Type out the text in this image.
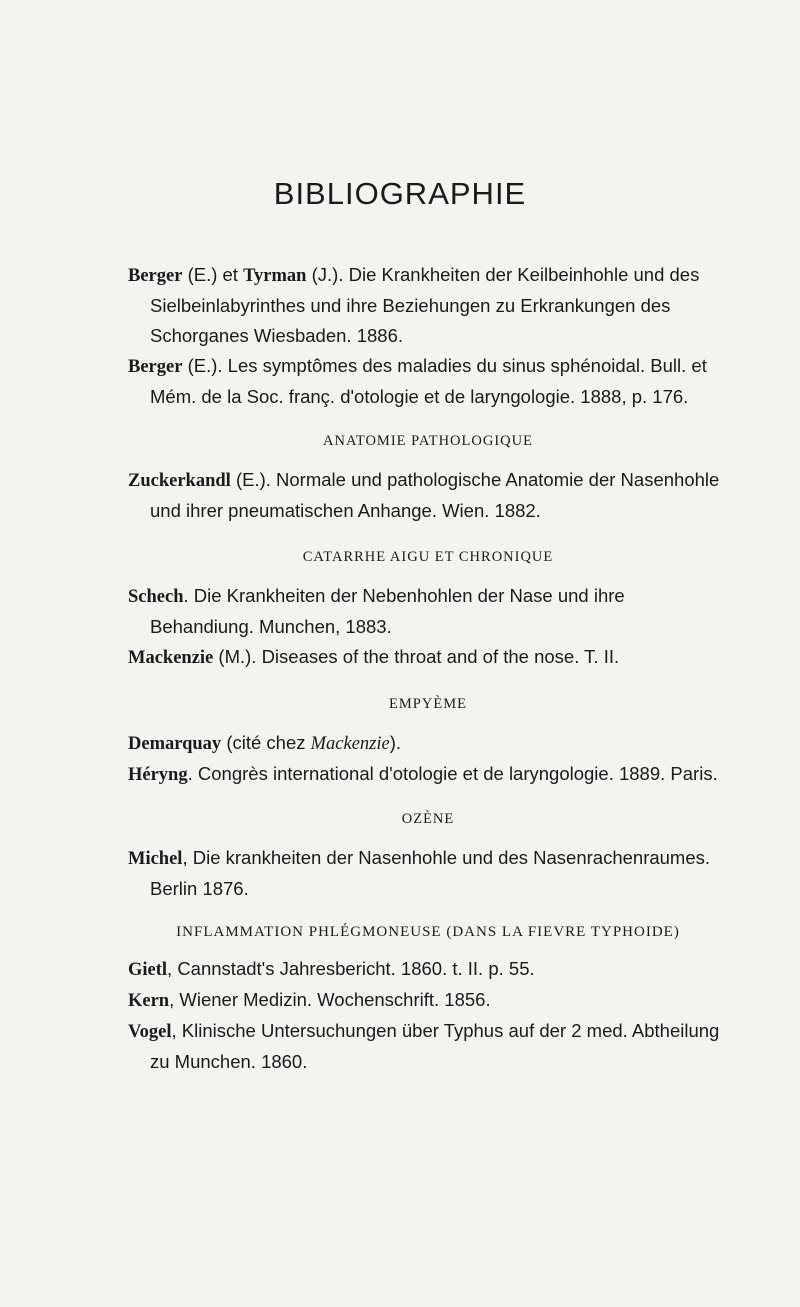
BIBLIOGRAPHIE

Berger (E.) et Tyrman (J.). Die Krankheiten der Keilbeinhohle und des Sielbeinlabyrinthes und ihre Beziehungen zu Erkrankungen des Schorganes Wiesbaden. 1886.

Berger (E.). Les symptômes des maladies du sinus sphénoidal. Bull. et Mém. de la Soc. franç. d'otologie et de laryngologie. 1888, p. 176.

ANATOMIE PATHOLOGIQUE

Zuckerkandl (E.). Normale und pathologische Anatomie der Nasenhohle und ihrer pneumatischen Anhange. Wien. 1882.

CATARRHE AIGU ET CHRONIQUE

Schech. Die Krankheiten der Nebenhohlen der Nase und ihre Behandiung. Munchen, 1883.

Mackenzie (M.). Diseases of the throat and of the nose. T. II.

EMPYÈME

Demarquay (cité chez Mackenzie).

Héryng. Congrès international d'otologie et de laryngologie. 1889. Paris.

OZÈNE

Michel, Die krankheiten der Nasenhohle und des Nasenrachenraumes. Berlin 1876.

INFLAMMATION PHLÉGMONEUSE (DANS LA FIEVRE TYPHOIDE)

Gietl, Cannstadt's Jahresbericht. 1860. t. II. p. 55.

Kern, Wiener Medizin. Wochenschrift. 1856.

Vogel, Klinische Untersuchungen über Typhus auf der 2 med. Abtheilung zu Munchen. 1860.
